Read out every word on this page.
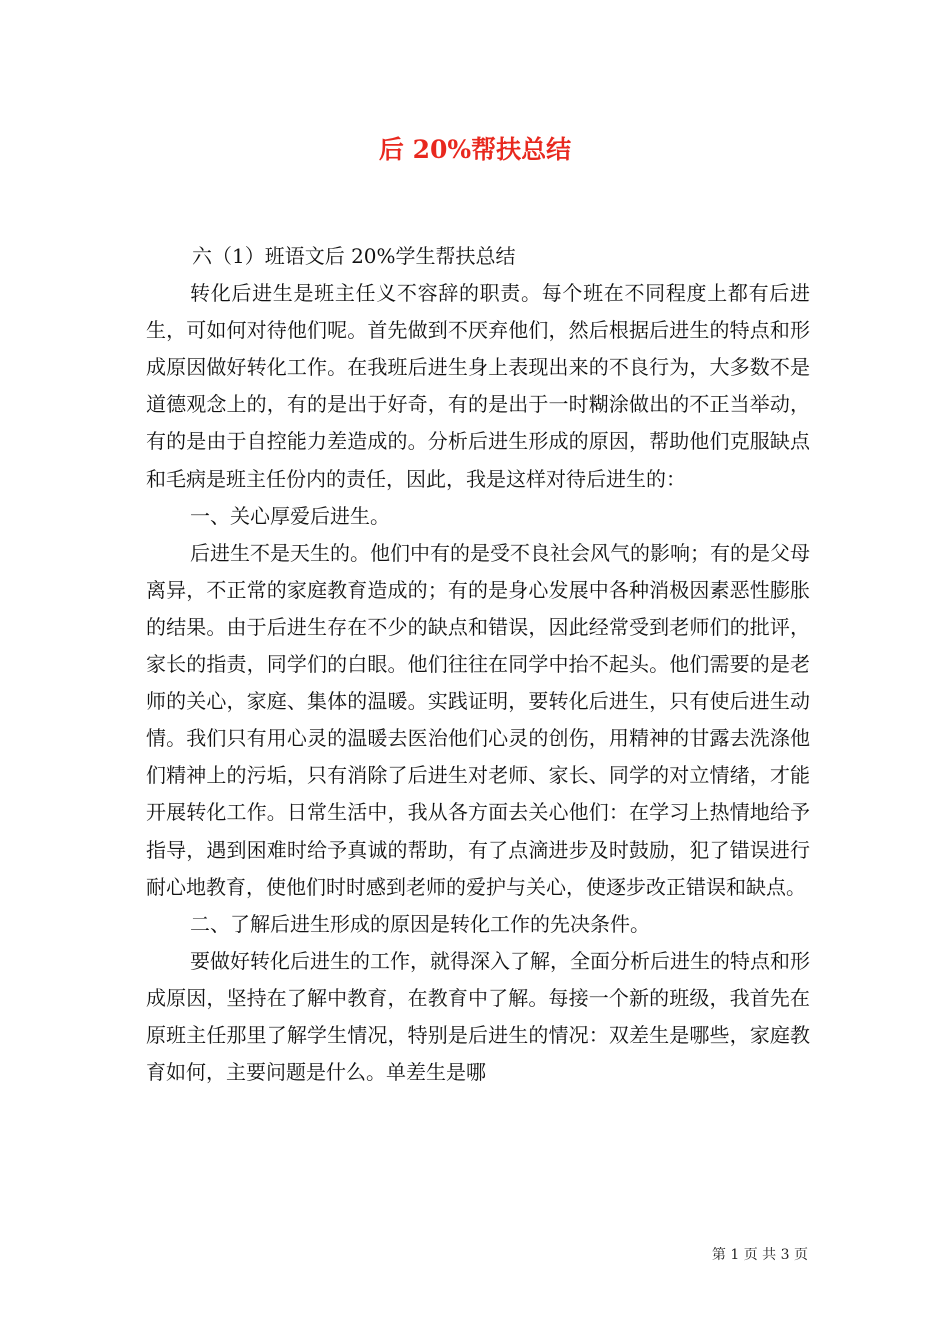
后 20%帮扶总结

六（1）班语文后 20%学生帮扶总结

转化后进生是班主任义不容辞的职责。每个班在不同程度上都有后进生，可如何对待他们呢。首先做到不厌弃他们，然后根据后进生的特点和形成原因做好转化工作。在我班后进生身上表现出来的不良行为，大多数不是道德观念上的，有的是出于好奇，有的是出于一时糊涂做出的不正当举动，有的是由于自控能力差造成的。分析后进生形成的原因，帮助他们克服缺点和毛病是班主任份内的责任，因此，我是这样对待后进生的：

一、关心厚爱后进生。

后进生不是天生的。他们中有的是受不良社会风气的影响；有的是父母离异，不正常的家庭教育造成的；有的是身心发展中各种消极因素恶性膨胀的结果。由于后进生存在不少的缺点和错误，因此经常受到老师们的批评，家长的指责，同学们的白眼。他们往往在同学中抬不起头。他们需要的是老师的关心，家庭、集体的温暖。实践证明，要转化后进生，只有使后进生动情。我们只有用心灵的温暖去医治他们心灵的创伤，用精神的甘露去洗涤他们精神上的污垢，只有消除了后进生对老师、家长、同学的对立情绪，才能开展转化工作。日常生活中，我从各方面去关心他们：在学习上热情地给予指导，遇到困难时给予真诚的帮助，有了点滴进步及时鼓励，犯了错误进行耐心地教育，使他们时时感到老师的爱护与关心，使逐步改正错误和缺点。

二、了解后进生形成的原因是转化工作的先决条件。

要做好转化后进生的工作，就得深入了解，全面分析后进生的特点和形成原因，坚持在了解中教育，在教育中了解。每接一个新的班级，我首先在原班主任那里了解学生情况，特别是后进生的情况：双差生是哪些，家庭教育如何，主要问题是什么。单差生是哪

第 1 页 共 3 页
